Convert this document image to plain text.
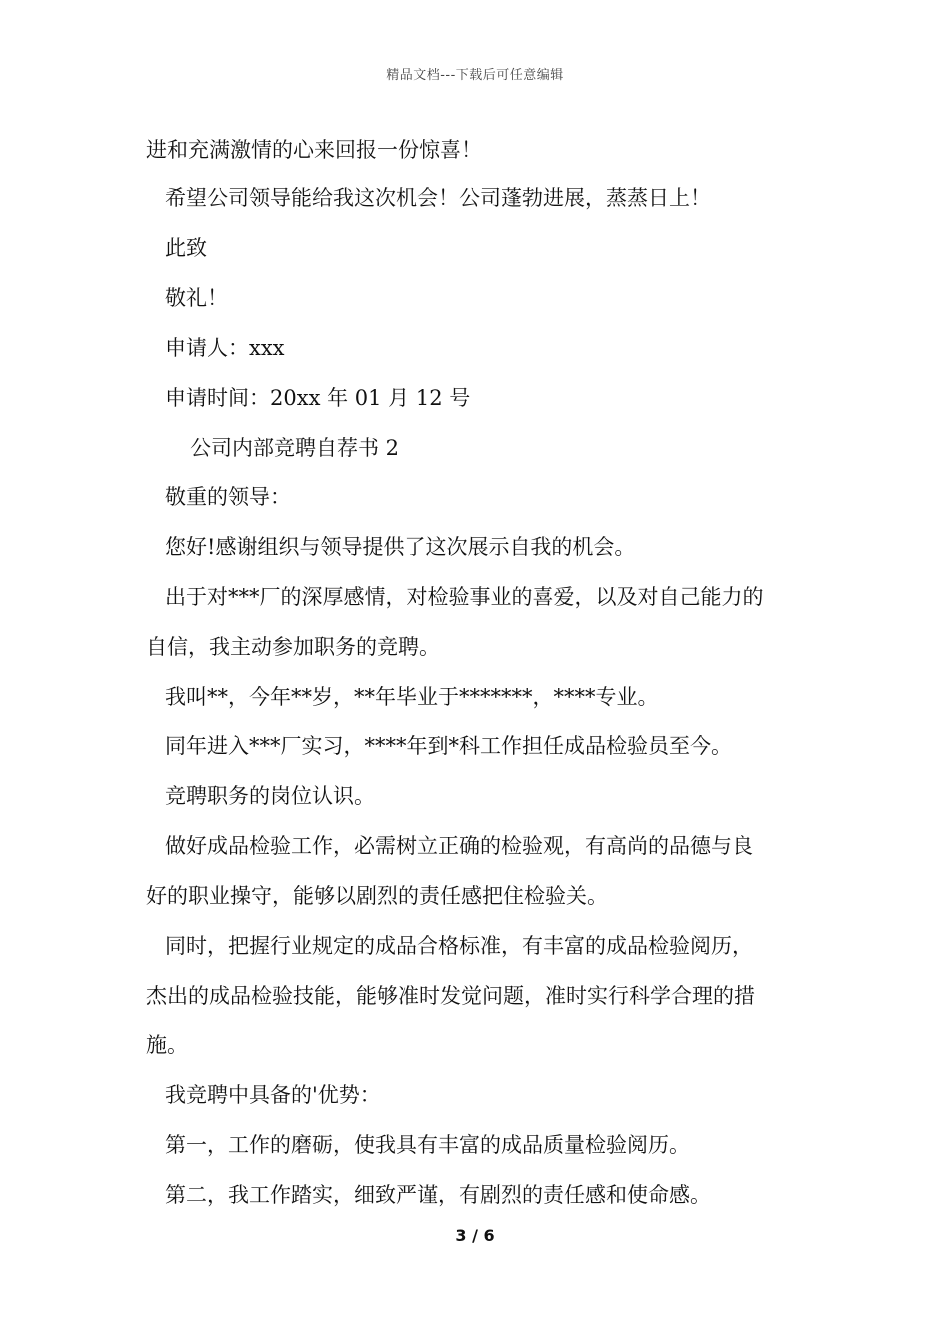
精品文档---下载后可任意编辑

进和充满激情的心来回报一份惊喜！

希望公司领导能给我这次机会！公司蓬勃进展，蒸蒸日上！

此致

敬礼！

申请人：xxx

申请时间：20xx 年 01 月 12 号

公司内部竞聘自荐书 2

敬重的领导：

您好!感谢组织与领导提供了这次展示自我的机会。

出于对***厂的深厚感情，对检验事业的喜爱，以及对自己能力的

自信，我主动参加职务的竞聘。

我叫**，今年**岁，**年毕业于*******，****专业。

同年进入***厂实习，****年到*科工作担任成品检验员至今。

竞聘职务的岗位认识。

做好成品检验工作，必需树立正确的检验观，有高尚的品德与良

好的职业操守，能够以剧烈的责任感把住检验关。

同时，把握行业规定的成品合格标准，有丰富的成品检验阅历，

杰出的成品检验技能，能够准时发觉问题，准时实行科学合理的措

施。

我竞聘中具备的'优势：

第一，工作的磨砺，使我具有丰富的成品质量检验阅历。

第二，我工作踏实，细致严谨，有剧烈的责任感和使命感。

3 / 6
